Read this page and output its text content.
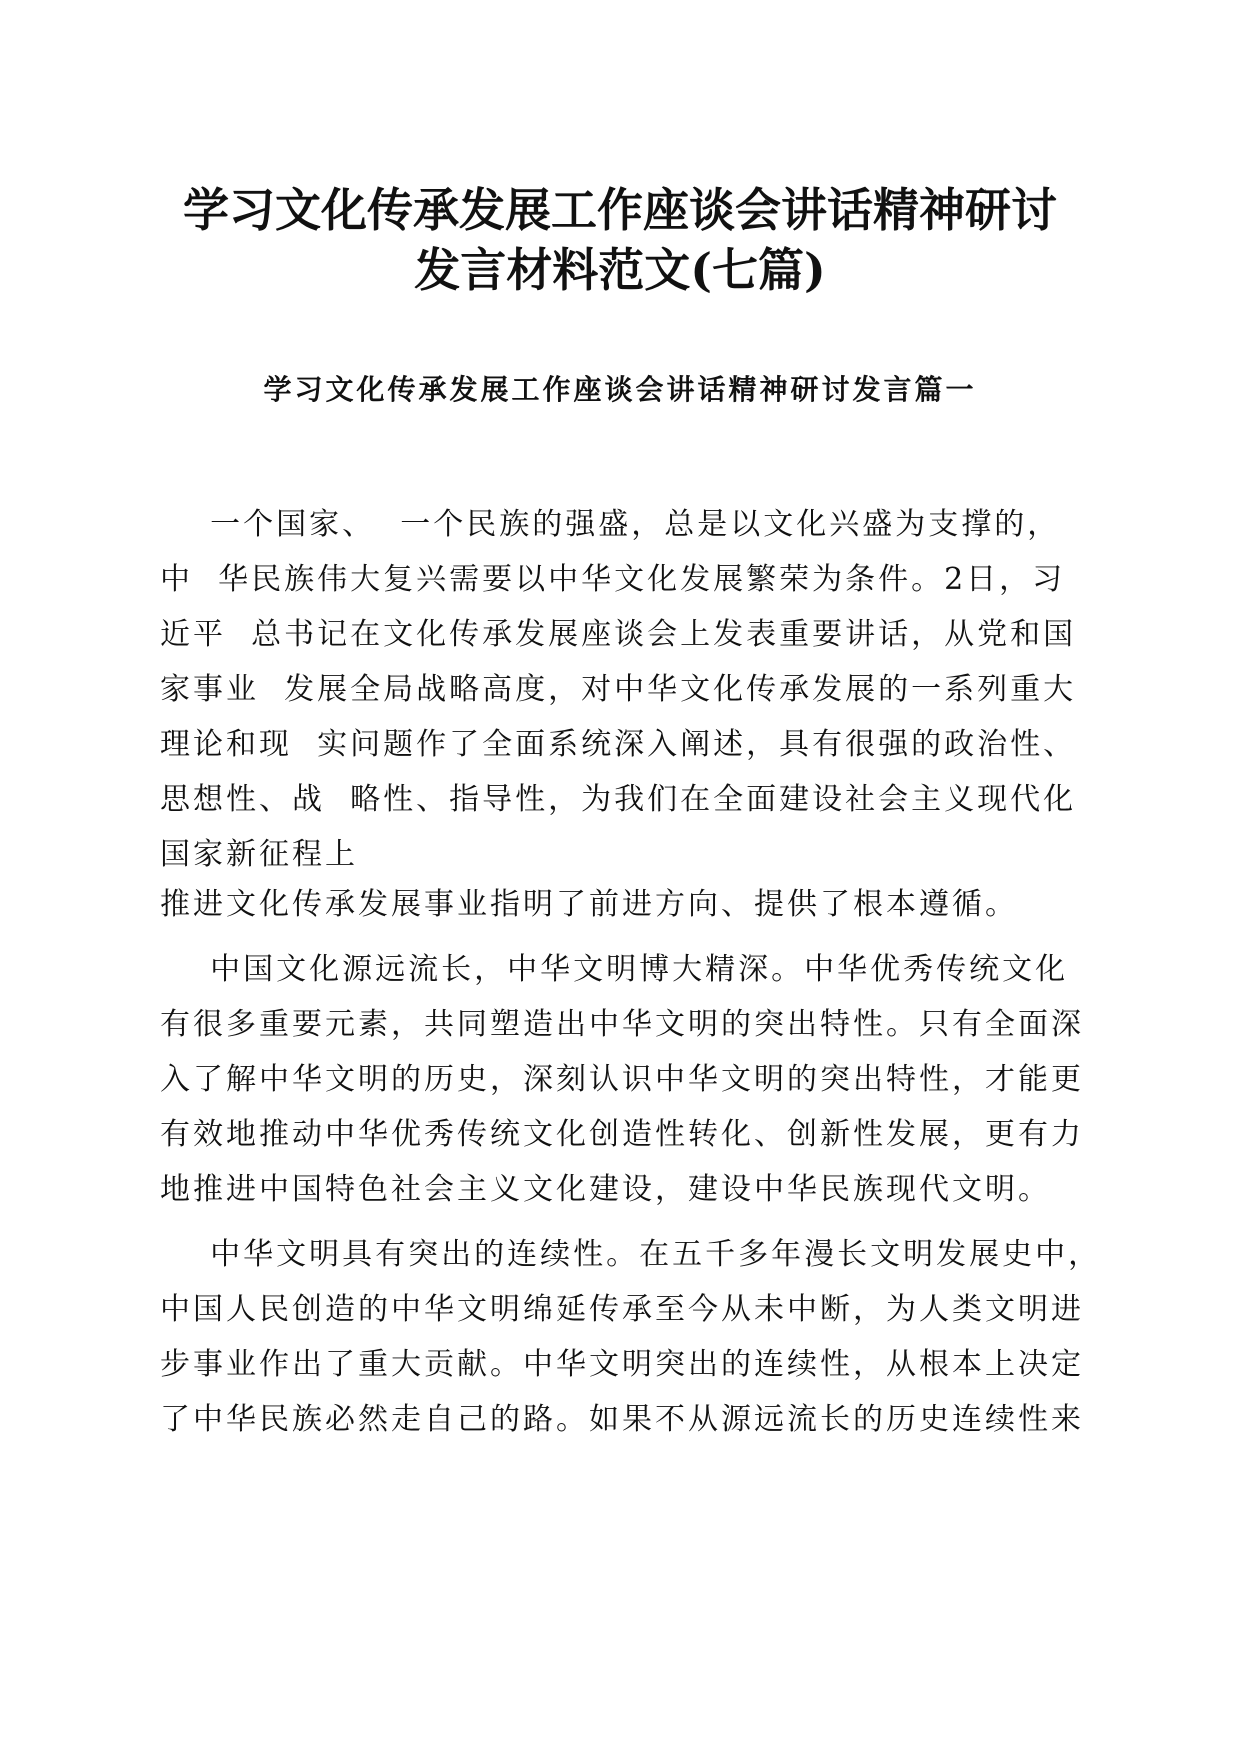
学习文化传承发展工作座谈会讲话精神研讨
发言材料范文(七篇)
学习文化传承发展工作座谈会讲话精神研讨发言篇一
一个国家、  一个民族的强盛，总是以文化兴盛为支撑的，
中  华民族伟大复兴需要以中华文化发展繁荣为条件。2日，习
近平  总书记在文化传承发展座谈会上发表重要讲话，从党和国
家事业  发展全局战略高度，对中华文化传承发展的一系列重大
理论和现  实问题作了全面系统深入阐述，具有很强的政治性、
思想性、战  略性、指导性，为我们在全面建设社会主义现代化
国家新征程上
推进文化传承发展事业指明了前进方向、提供了根本遵循。
中国文化源远流长，中华文明博大精深。中华优秀传统文化
有很多重要元素，共同塑造出中华文明的突出特性。只有全面深
入了解中华文明的历史，深刻认识中华文明的突出特性，才能更
有效地推动中华优秀传统文化创造性转化、创新性发展，更有力
地推进中国特色社会主义文化建设，建设中华民族现代文明。
中华文明具有突出的连续性。在五千多年漫长文明发展史中，
中国人民创造的中华文明绵延传承至今从未中断，为人类文明进
步事业作出了重大贡献。中华文明突出的连续性，从根本上决定
了中华民族必然走自己的路。如果不从源远流长的历史连续性来
